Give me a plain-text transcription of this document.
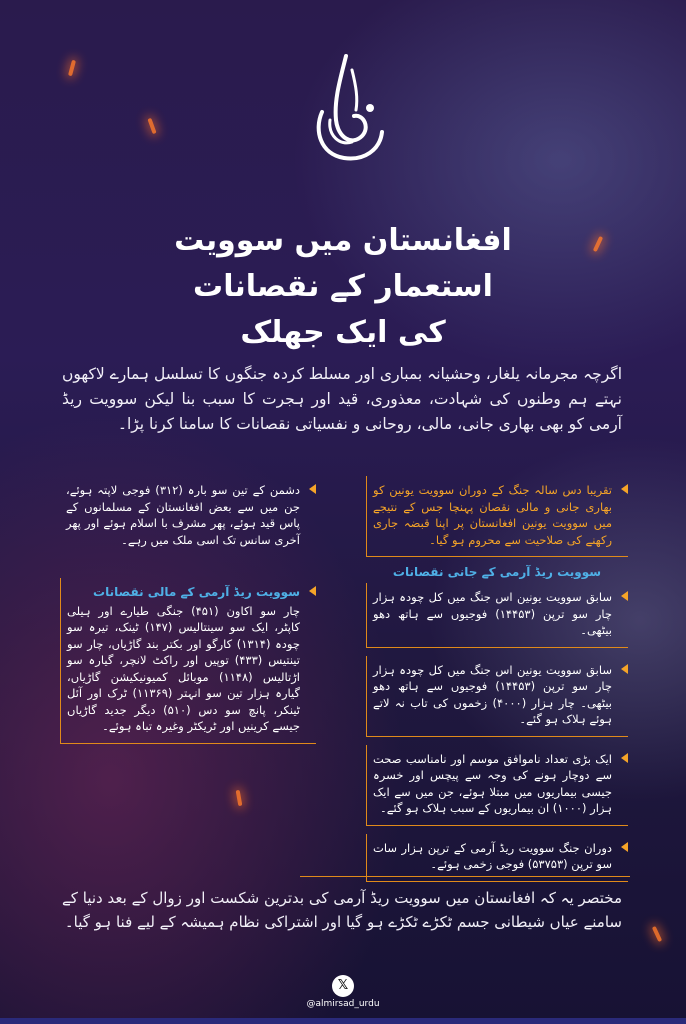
افغانستان میں سوویت
استعمار کے نقصانات
کی ایک جھلک
اگرچہ مجرمانہ یلغار، وحشیانہ بمباری اور مسلط کردہ جنگوں کا تسلسل ہمارے لاکھوں نہتے ہم وطنوں کی شہادت، معذوری، قید اور ہجرت کا سبب بنا لیکن سوویت ریڈ آرمی کو بھی بھاری جانی، مالی، روحانی و نفسیاتی نقصانات کا سامنا کرنا پڑا۔
تقریبا دس سالہ جنگ کے دوران سوویت یونین کو بھاری جانی و مالی نقصان پہنچا جس کے نتیجے میں سوویت یونین افغانستان پر اپنا قبضہ جاری رکھنے کی صلاحیت سے محروم ہو گیا۔
سوویت ریڈ آرمی کے جانی نقصانات
سابق سوویت یونین اس جنگ میں کل چودہ ہزار چار سو ترپن (۱۴۴۵۳) فوجیوں سے ہاتھ دھو بیٹھی۔
سابق سوویت یونین اس جنگ میں کل چودہ ہزار چار سو ترپن (۱۴۴۵۳) فوجیوں سے ہاتھ دھو بیٹھی۔ چار ہزار (۴۰۰۰) زخموں کی تاب نہ لاتے ہوئے ہلاک ہو گئے۔
ایک بڑی تعداد ناموافق موسم اور نامناسب صحت سے دوچار ہونے کی وجہ سے پیچس اور خسرہ جیسی بیماریوں میں مبتلا ہوئے، جن میں سے ایک ہزار (۱۰۰۰) ان بیماریوں کے سبب ہلاک ہو گئے۔
دوران جنگ سوویت ریڈ آرمی کے ترپن ہزار سات سو ترپن (۵۳۷۵۳) فوجی زخمی ہوئے۔
دشمن کے تین سو بارہ (۳۱۲) فوجی لاپتہ ہوئے، جن میں سے بعض افغانستان کے مسلمانوں کے پاس قید ہوئے، پھر مشرف با اسلام ہوئے اور پھر آخری سانس تک اسی ملک میں رہے۔
سوویت ریڈ آرمی کے مالی نقصانات
چار سو اکاون (۴۵۱) جنگی طیارے اور ہیلی کاپٹر، ایک سو سینتالیس (۱۴۷) ٹینک، تیرہ سو چودہ (۱۳۱۴) کارگو اور بکتر بند گاڑیاں، چار سو تینتیس (۴۳۳) توپیں اور راکٹ لانچر، گیارہ سو اڑتالیس (۱۱۴۸) موبائل کمیونیکیشن گاڑیاں، گیارہ ہزار تین سو انہتر (۱۱۳۶۹) ٹرک اور آئل ٹینکر، پانچ سو دس (۵۱۰) دیگر جدید گاڑیاں جیسے کرینیں اور ٹریکٹر وغیرہ تباہ ہوئے۔
مختصر یہ کہ افغانستان میں سوویت ریڈ آرمی کی بدترین شکست اور زوال کے بعد دنیا کے سامنے عیاں شیطانی جسم ٹکڑے ٹکڑے ہو گیا اور اشتراکی نظام ہمیشہ کے لیے فنا ہو گیا۔
𝕏
@almirsad_urdu
